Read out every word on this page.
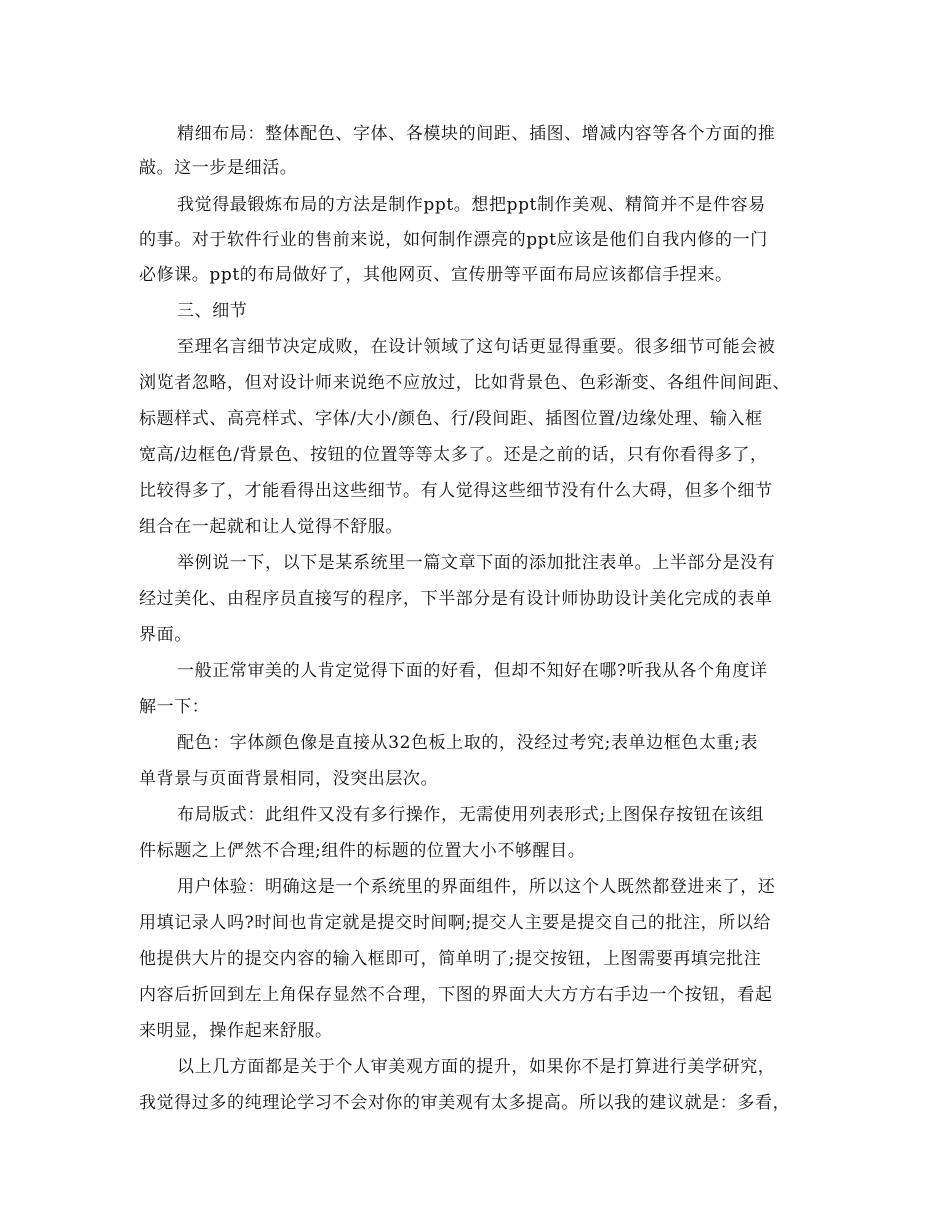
精细布局：整体配色、字体、各模块的间距、插图、增减内容等各个方面的推
敲。这一步是细活。
我觉得最锻炼布局的方法是制作ppt。想把ppt制作美观、精简并不是件容易
的事。对于软件行业的售前来说，如何制作漂亮的ppt应该是他们自我内修的一门
必修课。ppt的布局做好了，其他网页、宣传册等平面布局应该都信手捏来。
三、细节
至理名言细节决定成败，在设计领域了这句话更显得重要。很多细节可能会被
浏览者忽略，但对设计师来说绝不应放过，比如背景色、色彩渐变、各组件间间距、
标题样式、高亮样式、字体/大小/颜色、行/段间距、插图位置/边缘处理、输入框
宽高/边框色/背景色、按钮的位置等等太多了。还是之前的话，只有你看得多了，
比较得多了，才能看得出这些细节。有人觉得这些细节没有什么大碍，但多个细节
组合在一起就和让人觉得不舒服。
举例说一下，以下是某系统里一篇文章下面的添加批注表单。上半部分是没有
经过美化、由程序员直接写的程序，下半部分是有设计师协助设计美化完成的表单
界面。
一般正常审美的人肯定觉得下面的好看，但却不知好在哪?听我从各个角度详
解一下：
配色：字体颜色像是直接从32色板上取的，没经过考究;表单边框色太重;表
单背景与页面背景相同，没突出层次。
布局版式：此组件又没有多行操作，无需使用列表形式;上图保存按钮在该组
件标题之上俨然不合理;组件的标题的位置大小不够醒目。
用户体验：明确这是一个系统里的界面组件，所以这个人既然都登进来了，还
用填记录人吗?时间也肯定就是提交时间啊;提交人主要是提交自己的批注，所以给
他提供大片的提交内容的输入框即可，简单明了;提交按钮，上图需要再填完批注
内容后折回到左上角保存显然不合理，下图的界面大大方方右手边一个按钮，看起
来明显，操作起来舒服。
以上几方面都是关于个人审美观方面的提升，如果你不是打算进行美学研究，
我觉得过多的纯理论学习不会对你的审美观有太多提高。所以我的建议就是：多看，
